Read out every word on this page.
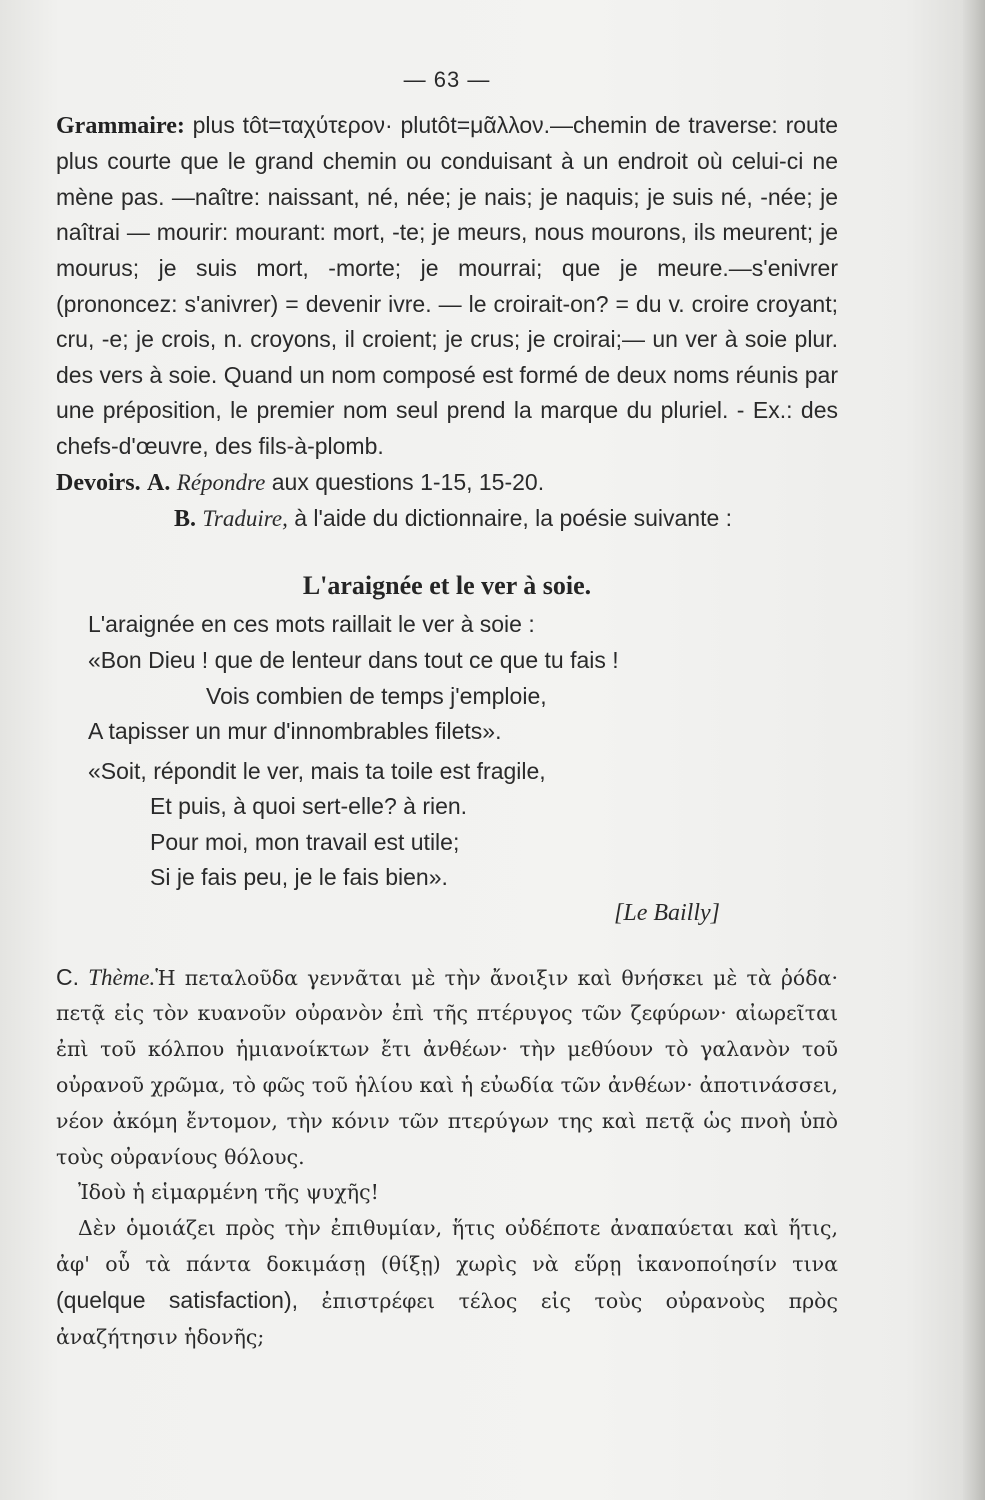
— 63 —

Grammaire: plus tôt=ταχύτερον· plutôt=μᾶλλον.—chemin de traverse: route plus courte que le grand chemin ou conduisant à un endroit où celui-ci ne mène pas. —naître: naissant, né, née; je nais; je naquis; je suis né, -née; je naîtrai — mourir: mourant: mort, -te; je meurs, nous mourons, ils meurent; je mourus; je suis mort, -morte; je mourrai; que je meure.—s'enivrer (prononcez: s'anivrer) = devenir ivre. — le croirait-on? = du v. croire croyant; cru, -e; je crois, n. croyons, il croient; je crus; je croirai;— un ver à soie plur. des vers à soie. Quand un nom composé est formé de deux noms réunis par une préposition, le premier nom seul prend la marque du pluriel. - Ex.: des chefs-d'œuvre, des fils-à-plomb.

Devoirs. A. Répondre aux questions 1-15, 15-20.

B. Traduire, à l'aide du dictionnaire, la poésie suivante :

L'araignée et le ver à soie.
L'araignée en ces mots raillait le ver à soie :
«Bon Dieu ! que de lenteur dans tout ce que tu fais !
Vois combien de temps j'emploie,
A tapisser un mur d'innombrables filets».
«Soit, répondit le ver, mais ta toile est fragile,
Et puis, à quoi sert-elle? à rien.
Pour moi, mon travail est utile;
Si je fais peu, je le fais bien».
[Le Bailly]

C. Thème.Ἡ πεταλοῦδα γεννᾶται μὲ τὴν ἄνοιξιν καὶ θνήσκει μὲ τὰ ῥόδα· πετᾷ εἰς τὸν κυανοῦν οὐρανὸν ἐπὶ τῆς πτέρυγος τῶν ζεφύρων· αἰωρεῖται ἐπὶ τοῦ κόλπου ἡμιανοίκτων ἔτι ἀνθέων· τὴν μεθύουν τὸ γαλανὸν τοῦ οὐρανοῦ χρῶμα, τὸ φῶς τοῦ ἡλίου καὶ ἡ εὐωδία τῶν ἀνθέων· ἀποτινάσσει, νέον ἀκόμη ἔντομον, τὴν κόνιν τῶν πτερύγων της καὶ πετᾷ ὡς πνοὴ ὑπὸ τοὺς οὐρανίους θόλους.

Ἰδοὺ ἡ εἱμαρμένη τῆς ψυχῆς!

Δὲν ὁμοιάζει πρὸς τὴν ἐπιθυμίαν, ἥτις οὐδέποτε ἀναπαύεται καὶ ἥτις, ἀφ' οὗ τὰ πάντα δοκιμάσῃ (θίξῃ) χωρὶς νὰ εὕρῃ ἱκανοποίησίν τινα (quelque satisfaction), ἐπιστρέφει τέλος εἰς τοὺς οὐρανοὺς πρὸς ἀναζήτησιν ἡδονῆς;
